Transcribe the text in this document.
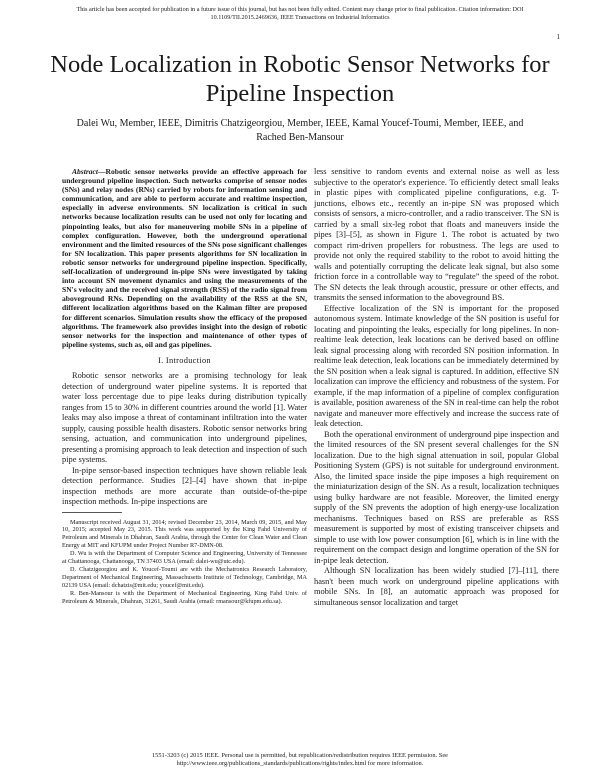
This article has been accepted for publication in a future issue of this journal, but has not been fully edited. Content may change prior to final publication. Citation information: DOI
10.1109/TII.2015.2469636, IEEE Transactions on Industrial Informatics
1
Node Localization in Robotic Sensor Networks for Pipeline Inspection
Dalei Wu, Member, IEEE, Dimitris Chatzigeorgiou, Member, IEEE, Kamal Youcef-Toumi, Member, IEEE, and
Rached Ben-Mansour

Abstract—Robotic sensor networks provide an effective approach for underground pipeline inspection. Such networks comprise of sensor nodes (SNs) and relay nodes (RNs) carried by robots for information sensing and communication, and are able to perform accurate and realtime inspection, especially in adverse environments. SN localization is critical in such networks because localization results can be used not only for locating and pinpointing leaks, but also for maneuvering mobile SNs in a pipeline of complex configuration. However, both the underground operational environment and the limited resources of the SNs pose significant challenges for SN localization. This paper presents algorithms for SN localization in robotic sensor networks for underground pipeline inspection. Specifically, self-localization of underground in-pipe SNs were investigated by taking into account SN movement dynamics and using the measurements of the SN's velocity and the received signal strength (RSS) of the radio signal from aboveground RNs. Depending on the availability of the RSS at the SN, different localization algorithms based on the Kalman filter are proposed for different scenarios. Simulation results show the efficacy of the proposed algorithms. The framework also provides insight into the design of robotic sensor networks for the inspection and maintenance of other types of pipeline systems, such as, oil and gas pipelines.

I. Introduction

Robotic sensor networks are a promising technology for leak detection of underground water pipeline systems. It is reported that water loss percentage due to pipe leaks during distribution typically ranges from 15 to 30% in different countries around the world [1]. Water leaks may also impose a threat of contaminant infiltration into the water supply, causing possible health disasters. Robotic sensor networks bring sensing, actuation, and communication into underground pipelines, presenting a promising approach to leak detection and inspection of such pipe systems.

In-pipe sensor-based inspection techniques have shown reliable leak detection performance. Studies [2]–[4] have shown that in-pipe inspection methods are more accurate than outside-of-the-pipe inspection methods. In-pipe inspections are

Manuscript received August 31, 2014; revised December 23, 2014, March 09, 2015, and May 10, 2015; accepted May 23, 2015. This work was supported by the King Fahd University of Petroleum and Minerals in Dhahran, Saudi Arabia, through the Center for Clean Water and Clean Energy at MIT and KFUPM under Project Number R7-DMN-08.

D. Wu is with the Department of Computer Science and Engineering, University of Tennessee at Chattanooga, Chattanooga, TN 37403 USA (email: dalei-wu@utc.edu).

D. Chatzigeorgiou and K. Youcef-Toumi are with the Mechatronics Research Laboratory, Department of Mechanical Engineering, Massachusetts Institute of Technology, Cambridge, MA 02139 USA (email: dchatzis@mit.edu; youcef@mit.edu).

R. Ben-Mansour is with the Department of Mechanical Engineering, King Fahd Univ. of Petroleum & Minerals, Dhahran, 31261, Saudi Arabia (email: rmansour@kfupm.edu.sa).

less sensitive to random events and external noise as well as less subjective to the operator's experience. To efficiently detect small leaks in plastic pipes with complicated pipeline configurations, e.g. T-junctions, elbows etc., recently an in-pipe SN was proposed which consists of sensors, a micro-controller, and a radio transceiver. The SN is carried by a small six-leg robot that floats and maneuvers inside the pipes [3]–[5], as shown in Figure 1. The robot is actuated by two compact rim-driven propellers for robustness. The legs are used to provide not only the required stability to the robot to avoid hitting the walls and potentially corrupting the delicate leak signal, but also some friction force in a controllable way to “regulate” the speed of the robot. The SN detects the leak through acoustic, pressure or other effects, and transmits the sensed information to the aboveground BS.

Effective localization of the SN is important for the proposed autonomous system. Intimate knowledge of the SN position is useful for locating and pinpointing the leaks, especially for long pipelines. In non-realtime leak detection, leak locations can be derived based on offline leak signal processing along with recorded SN position information. In realtime leak detection, leak locations can be immediately determined by the SN position when a leak signal is captured. In addition, effective SN localization can improve the efficiency and robustness of the system. For example, if the map information of a pipeline of complex configuration is available, position awareness of the SN in real-time can help the robot navigate and maneuver more effectively and increase the success rate of leak detection.

Both the operational environment of underground pipe inspection and the limited resources of the SN present several challenges for the SN localization. Due to the high signal attenuation in soil, popular Global Positioning System (GPS) is not suitable for underground environment. Also, the limited space inside the pipe imposes a high requirement on the miniaturization design of the SN. As a result, localization techniques using bulky hardware are not feasible. Moreover, the limited energy supply of the SN prevents the adoption of high energy-use localization mechanisms. Techniques based on RSS are preferable as RSS measurement is supported by most of existing transceiver chipsets and simple to use with low power consumption [6], which is in line with the requirement on the compact design and longtime operation of the SN for in-pipe leak detection.

Although SN localization has been widely studied [7]–[11], there hasn't been much work on underground pipeline applications with mobile SNs. In [8], an automatic approach was proposed for simultaneous sensor localization and target

1551-3203 (c) 2015 IEEE. Personal use is permitted, but republication/redistribution requires IEEE permission. See
http://www.ieee.org/publications_standards/publications/rights/index.html for more information.
